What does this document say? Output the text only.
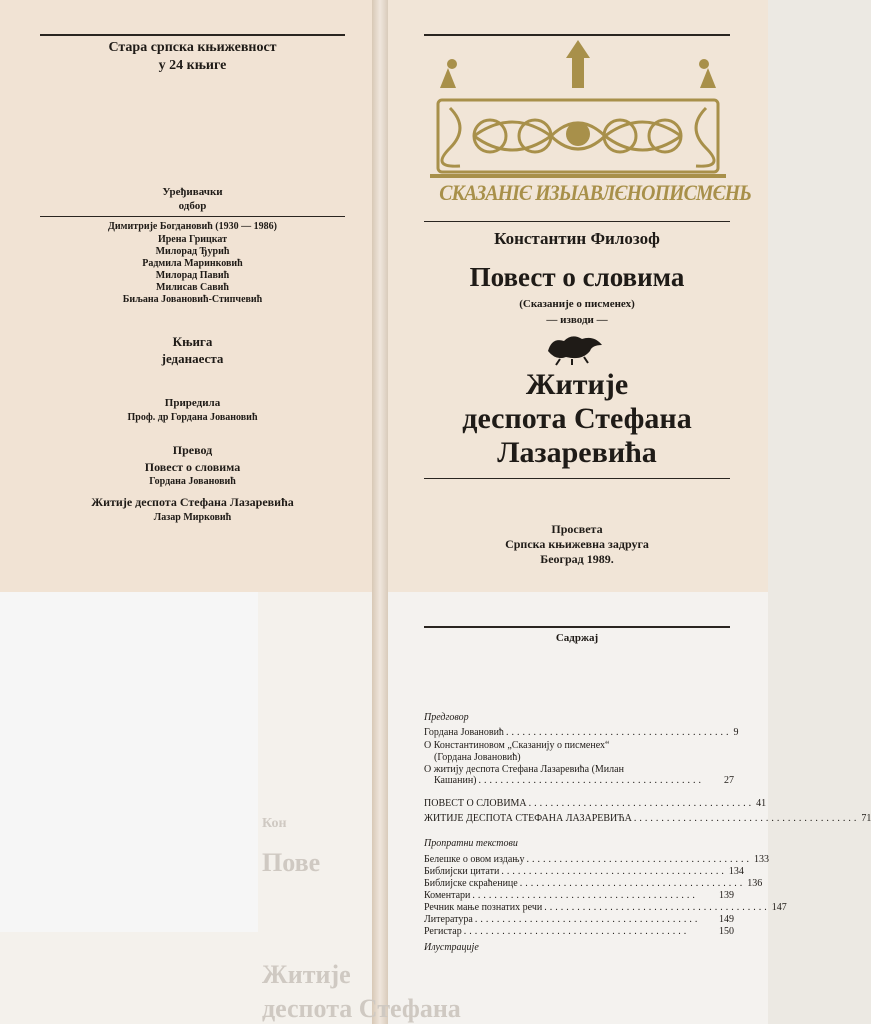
Стара српска књижевност
у 24 књиге
Уређивачки
одбор
Димитрије Богдановић (1930 — 1986)
Ирена Грицкат
Милорад Ђурић
Радмила Маринковић
Милорад Павић
Милисав Савић
Биљана Јовановић-Стипчевић
Књига
једанаеста
Приредила
Проф. др Гордана Јовановић
Превод
Повест о словима
Гордана Јовановић
Житије деспота Стефана Лазаревића
Лазар Мирковић
СКАЗАНІЄ ИЗЬІАВЛЄНОПИСМЄНЬ
Константин Филозоф
Повест о словима
(Сказаније о писменех)
— изводи —
Житије
деспота Стефана
Лазаревића
Просвета
Српска књижевна задруга
Београд 1989.
Кон
Пове
Житије
деспота Стефана
Садржај
Предговор
Гордана Јовановић ......................................... 9
О Константиновом „Сказанију о писменех“
(Гордана Јовановић)
О житију деспота Стефана Лазаревића (Милан
Кашанин) .........................................	27
ПОВЕСТ О СЛОВИМА ......................................... 41
ЖИТИЈЕ ДЕСПОТА СТЕФАНА ЛАЗАРЕВИЋА ......................................... 71
Пропратни текстови
Белешке о овом издању ......................................... 133
Библијски цитати ......................................... 134
Библијске скраћенице ......................................... 136
Коментари .........................................	139
Речник мање познатих речи ......................................... 147
Литература .........................................	149
Регистар .........................................	150
Илустрације
